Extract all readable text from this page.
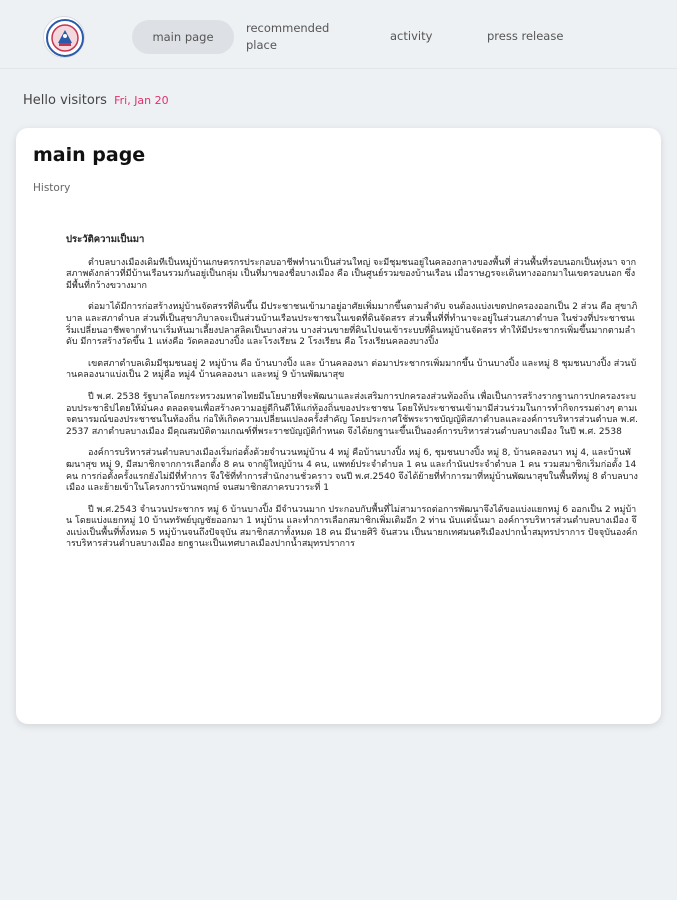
main page
recommended place
activity	press release
Hello visitors Fri, Jan 20
main page
History
ประวัติความเป็นมา

ตำบลบางเมืองเดิมทีเป็นหมู่บ้านเกษตรกรประกอบอาชีพทำนาเป็นส่วนใหญ่ จะมีชุมชนอยู่ในคลองกลางของพื้นที่ ส่วนพื้นที่รอบนอกเป็นทุ่งนา จากสภาพดังกล่าวที่มีบ้านเรือนรวมกันอยู่เป็นกลุ่ม เป็นที่มาของชื่อบางเมือง คือ เป็นศูนย์รวมของบ้านเรือน เมื่อราษฎรจะเดินทางออกมาในเขตรอบนอก ซึ่งมีพื้นที่กว้างขวางมาก

ต่อมาได้มีการก่อสร้างหมู่บ้านจัดสรรที่ดินขึ้น มีประชาชนเข้ามาอยู่อาศัยเพิ่มมากขึ้นตามลำดับ จนต้องแบ่งเขตปกครองออกเป็น 2 ส่วน คือ สุขาภิบาล และสภาตำบล ส่วนที่เป็นสุขาภิบาลจะเป็นส่วนบ้านเรือนประชาชนในเขตที่ดินจัดสรร ส่วนพื้นที่ที่ทำนาจะอยู่ในส่วนสภาตำบล ในช่วงที่ประชาชนเริ่มเปลี่ยนอาชีพจากทำนาเริ่มหันมาเลี้ยงปลาสลิดเป็นบางส่วน บางส่วนขายที่ดินไปจนเข้าระบบที่ดินหมู่บ้านจัดสรร ทำให้มีประชากรเพิ่มขึ้นมากตามลำดับ มีการสร้างวัดขึ้น 1 แห่งคือ วัดคลองบางปิ้ง และโรงเรียน 2 โรงเรียน คือ โรงเรียนคลองบางปิ้ง

เขตสภาตำบลเดิมมีชุมชนอยู่ 2 หมู่บ้าน คือ บ้านบางปิ้ง และ บ้านคลองนา ต่อมาประชากรเพิ่มมากขึ้น บ้านบางปิ้ง และหมู่ 8 ชุมชนบางปิ้ง ส่วนบ้านคลองนาแบ่งเป็น 2 หมู่คือ หมู่4 บ้านคลองนา และหมู่ 9 บ้านพัฒนาสุข

ปี พ.ศ. 2538 รัฐบาลโดยกระทรวงมหาดไทยมีนโยบายที่จะพัฒนาและส่งเสริมการปกครองส่วนท้องถิ่น เพื่อเป็นการสร้างรากฐานการปกครองระบอบประชาธิปไตยให้มั่นคง ตลอดจนเพื่อสร้างความอยู่ดีกินดีให้แก่ท้องถิ่นของประชาชน โดยให้ประชาชนเข้ามามีส่วนร่วมในการทำกิจกรรมต่างๆ ตามเจตนารมณ์ของประชาชนในท้องถิ่น ก่อให้เกิดความเปลี่ยนแปลงครั้งสำคัญ โดยประกาศใช้พระราชบัญญัติสภาตำบลและองค์การบริหารส่วนตำบล พ.ศ. 2537 สภาตำบลบางเมือง มีคุณสมบัติตามเกณฑ์ที่พระราชบัญญัติกำหนด จึงได้ยกฐานะขึ้นเป็นองค์การบริหารส่วนตำบลบางเมือง ในปี พ.ศ. 2538

องค์การบริหารส่วนตำบลบางเมืองเริ่มก่อตั้งด้วยจำนวนหมู่บ้าน 4 หมู่ คือบ้านบางปิ้ง หมู่ 6, ชุมชนบางปิ้ง หมู่ 8, บ้านคลองนา หมู่ 4, และบ้านพัฒนาสุข หมู่ 9, มีสมาชิกจากการเลือกตั้ง 8 คน จากผู้ใหญ่บ้าน 4 คน, แพทย์ประจำตำบล 1 คน และกำนันประจำตำบล 1 คน รวมสมาชิกเริ่มก่อตั้ง 14 คน การก่อตั้งครั้งแรกยังไม่มีที่ทำการ จึงใช้ที่ทำการสำนักงานชั่วคราว จนปี พ.ศ.2540 จึงได้ย้ายที่ทำการมาที่หมู่บ้านพัฒนาสุขในพื้นที่หมู่ 8 ตำบลบางเมือง และย้ายเข้าในโครงการบ้านพฤกษ์ จนสมาชิกสภาครบวาระที่ 1

ปี พ.ศ.2543 จำนวนประชากร หมู่ 6 บ้านบางปิ้ง มีจำนวนมาก ประกอบกับพื้นที่ไม่สามารถต่อการพัฒนาจึงได้ขอแบ่งแยกหมู่ 6 ออกเป็น 2 หมู่บ้าน โดยแบ่งแยกหมู่ 10 บ้านทรัพย์บุญชัยออกมา 1 หมู่บ้าน และทำการเลือกสมาชิกเพิ่มเติมอีก 2 ท่าน นับแต่นั้นมา องค์การบริหารส่วนตำบลบางเมือง จึงแบ่งเป็นพื้นที่ทั้งหมด 5 หมู่บ้านจนถึงปัจจุบัน สมาชิกสภาทั้งหมด 18 คน มีนายศิริ จันสวน เป็นนายกเทศมนตรีเมืองปากน้ำสมุทรปราการ ปัจจุบันองค์การบริหารส่วนตำบลบางเมือง ยกฐานะเป็นเทศบาลเมืองปากน้ำสมุทรปราการ
